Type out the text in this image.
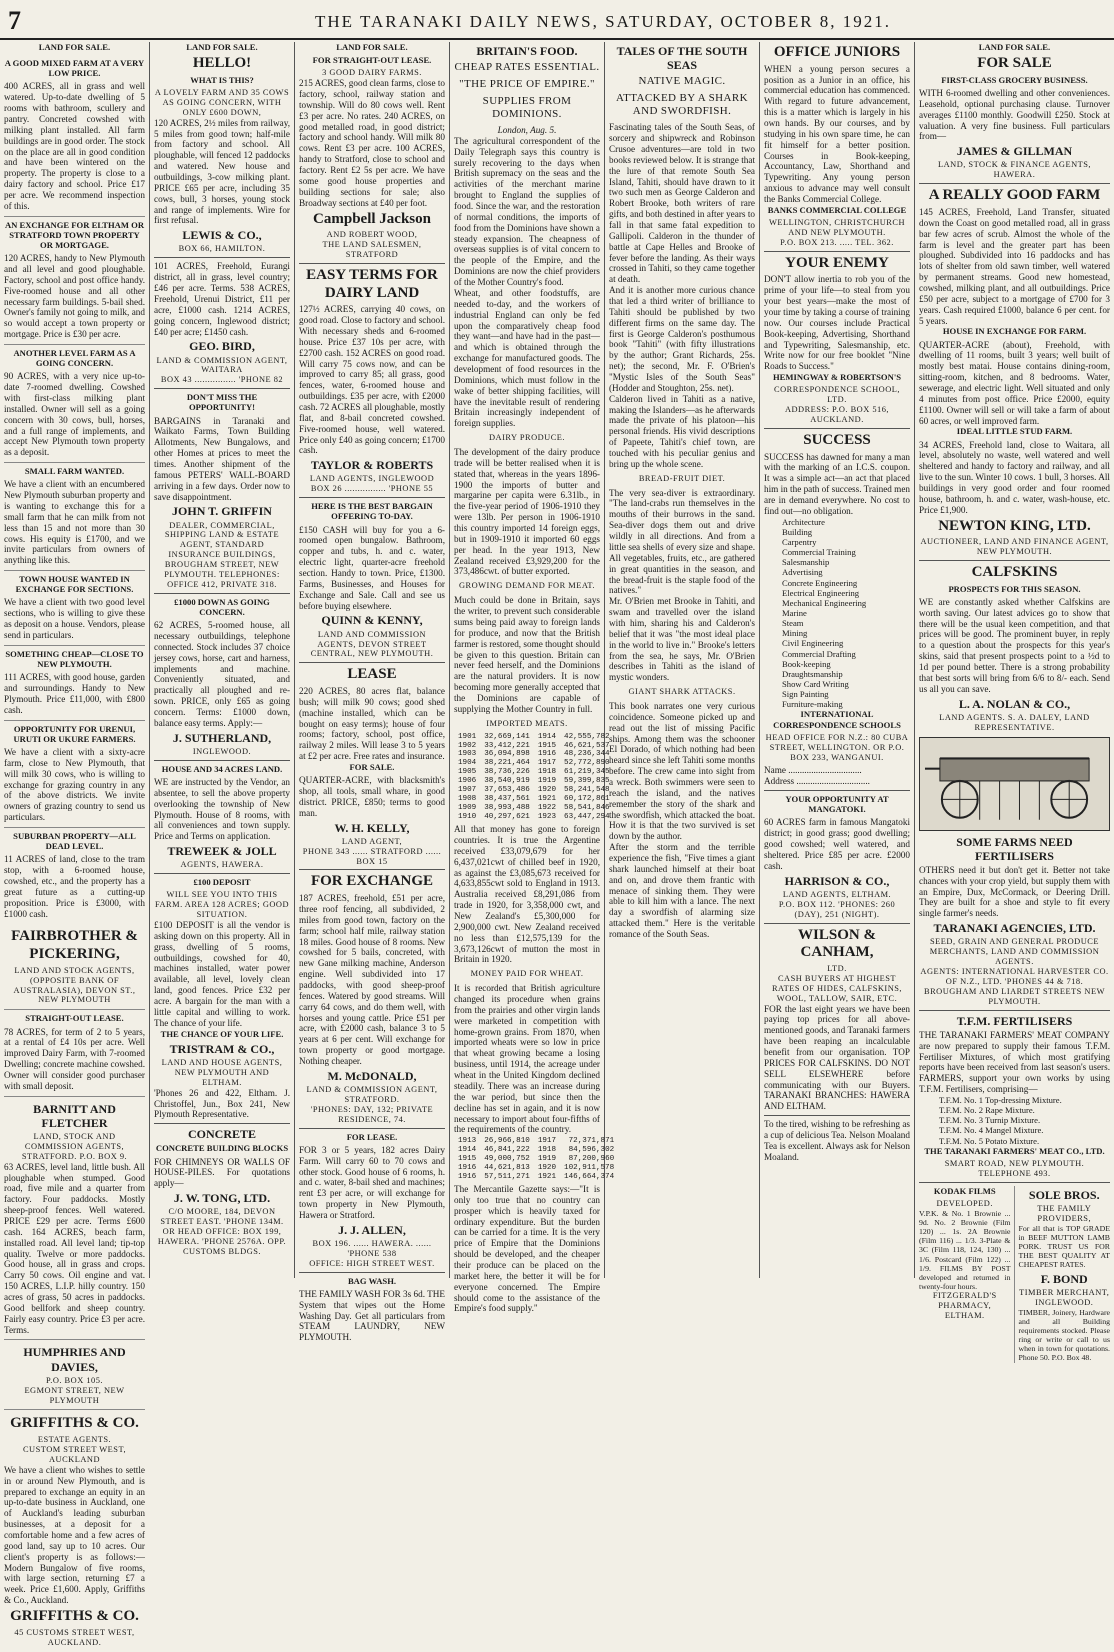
7	THE TARANAKI DAILY NEWS, SATURDAY, OCTOBER 8, 1921.
LAND FOR SALE.
A GOOD MIXED FARM AT A VERY LOW PRICE.

400 ACRES, all in grass and well watered. Up-to-date dwelling of 5 rooms with bathroom, scullery and pantry. Concreted cowshed with milking plant installed. All farm buildings are in good order. The stock on the place are all in good condition and have been wintered on the property. The property is close to a dairy factory and school. Price £17 per acre. We recommend inspection of this.

AN EXCHANGE FOR ELTHAM OR STRATFORD TOWN PROPERTY OR MORTGAGE.

120 ACRES, handy to New Plymouth and all level and good ploughable. Factory, school and post office handy. Five-roomed house and all other necessary farm buildings. 5-bail shed. Owner's family not going to milk, and so would accept a town property or mortgage. Price is £30 per acre.

ANOTHER LEVEL FARM AS A GOING CONCERN.

90 ACRES, with a very nice up-to-date 7-roomed dwelling. Cowshed with first-class milking plant installed. Owner will sell as a going concern with 30 cows, bull, horses, and a full range of implements, and accept New Plymouth town property as a deposit.

SMALL FARM WANTED.

We have a client with an encumbered New Plymouth suburban property and is wanting to exchange this for a small farm that he can milk from not less than 15 and not more than 30 cows. His equity is £1700, and we invite particulars from owners of anything like this.

TOWN HOUSE WANTED IN EXCHANGE FOR SECTIONS.

We have a client with two good level sections, who is willing to give these as deposit on a house. Vendors, please send in particulars.

SOMETHING CHEAP—CLOSE TO NEW PLYMOUTH.

111 ACRES, with good house, garden and surroundings. Handy to New Plymouth. Price £11,000, with £800 cash.

OPPORTUNITY FOR URENUI, URUTI OR UKURE FARMERS.

We have a client with a sixty-acre farm, close to New Plymouth, that will milk 30 cows, who is willing to exchange for grazing country in any of the above districts. We invite owners of grazing country to send us particulars.

SUBURBAN PROPERTY—ALL DEAD LEVEL.

11 ACRES of land, close to the tram stop, with a 6-roomed house, cowshed, etc., and the property has a great future as a cutting-up proposition. Price is £3000, with £1000 cash.

FAIRBROTHER & PICKERING,
LAND AND STOCK AGENTS,
(OPPOSITE BANK OF AUSTRALASIA), DEVON ST., NEW PLYMOUTH
STRAIGHT-OUT LEASE.

78 ACRES, for term of 2 to 5 years, at a rental of £4 10s per acre. Well improved Dairy Farm, with 7-roomed Dwelling; concrete machine cowshed. Owner will consider good purchaser with small deposit.

BARNITT AND FLETCHER
LAND, STOCK AND COMMISSION AGENTS,
STRATFORD. P.O. BOX 9.

63 ACRES, level land, little bush. All ploughable when stumped. Good road, five mile and a quarter from factory. Four paddocks. Mostly sheep-proof fences. Well watered. PRICE £29 per acre. Terms £600 cash. 164 ACRES, beach farm, installed road. All level land; tip-top quality. Twelve or more paddocks. Good house, all in grass and crops. Carry 50 cows. Oil engine and vat. 150 ACRES, L.I.P. hilly country. 150 acres of grass, 50 acres in paddocks. Good bellfork and sheep country. Fairly easy country. Price £3 per acre. Terms.

HUMPHRIES AND DAVIES,
P.O. BOX 105.
EGMONT STREET, NEW PLYMOUTH
GRIFFITHS & CO.
ESTATE AGENTS.
CUSTOM STREET WEST, AUCKLAND

We have a client who wishes to settle in or around New Plymouth, and is prepared to exchange an equity in an up-to-date business in Auckland, one of Auckland's leading suburban businesses, at a deposit for a comfortable home and a few acres of good land, say up to 10 acres. Our client's property is as follows:— Modern Bungalow of five rooms, with large section, returning £7 a week. Price £1,600. Apply, Griffiths & Co., Auckland.

GRIFFITHS & CO.
45 CUSTOMS STREET WEST, AUCKLAND.
LAND FOR SALE.
HELLO!
WHAT IS THIS?
A LOVELY FARM AND 35 COWS AS GOING CONCERN, WITH ONLY £600 DOWN,

120 ACRES, 2½ miles from railway, 5 miles from good town; half-mile from factory and school. All ploughable, will fenced 12 paddocks and watered. New house and outbuildings, 3-cow milking plant. PRICE £65 per acre, including 35 cows, bull, 3 horses, young stock and range of implements. Wire for first refusal.

LEWIS & CO.,
BOX 66, HAMILTON.

101 ACRES, Freehold, Eurangi district, all in grass, level country; £46 per acre. Terms. 538 ACRES, Freehold, Urenui District, £11 per acre, £1000 cash. 1214 ACRES, going concern, Inglewood district; £40 per acre; £1450 cash.

GEO. BIRD,
LAND & COMMISSION AGENT, WAITARA
BOX 43 ................ 'PHONE 82
DON'T MISS THE OPPORTUNITY!

BARGAINS in Taranaki and Waikato Farms, Town Building Allotments, New Bungalows, and other Homes at prices to meet the times. Another shipment of the famous PETERS' WALL-BOARD arriving in a few days. Order now to save disappointment.

JOHN T. GRIFFIN
DEALER, COMMERCIAL, SHIPPING LAND & ESTATE AGENT, STANDARD INSURANCE BUILDINGS, BROUGHAM STREET, NEW PLYMOUTH. TELEPHONES: OFFICE 412, PRIVATE 318.
£1000 DOWN AS GOING CONCERN.

62 ACRES, 5-roomed house, all necessary outbuildings, telephone connected. Stock includes 37 choice jersey cows, horse, cart and harness, implements and machine. Conveniently situated, and practically all ploughed and re-sown. PRICE, only £65 as going concern. Terms: £1000 down, balance easy terms. Apply:—

J. SUTHERLAND,
INGLEWOOD.
HOUSE AND 34 ACRES LAND.

WE are instructed by the Vendor, an absentee, to sell the above property overlooking the township of New Plymouth. House of 8 rooms, with all conveniences and town supply. Price and Terms on application.

TREWEEK & JOLL
AGENTS, HAWERA.
£100 DEPOSIT
WILL SEE YOU INTO THIS FARM. AREA 128 ACRES; GOOD SITUATION.

£100 DEPOSIT is all the vendor is asking down on this property. All in grass, dwelling of 5 rooms, outbuildings, cowshed for 40, machines installed, water power available, all level, lovely clean land, good fences. Price £32 per acre. A bargain for the man with a little capital and willing to work. The chance of your life.

THE CHANCE OF YOUR LIFE.
TRISTRAM & CO.,
LAND AND HOUSE AGENTS, NEW PLYMOUTH AND ELTHAM.

'Phones 26 and 422, Eltham. J. Christoffel, Jun., Box 241, New Plymouth Representative.

CONCRETE
CONCRETE BUILDING BLOCKS

FOR CHIMNEYS OR WALLS OF HOUSE-PILES. For quotations apply—

J. W. TONG, LTD.
C/O MOORE, 184, DEVON STREET EAST. 'PHONE 134M. OR HEAD OFFICE: BOX 199, HAWERA. 'PHONE 2576A. OPP. CUSTOMS BLDGS.
LAND FOR SALE.
FOR STRAIGHT-OUT LEASE.
3 GOOD DAIRY FARMS.

215 ACRES, good clean farms, close to factory, school, railway station and township. Will do 80 cows well. Rent £3 per acre. No rates. 240 ACRES, on good metalled road, in good district; factory and school handy. Will milk 80 cows. Rent £3 per acre. 100 ACRES, handy to Stratford, close to school and factory. Rent £2 5s per acre. We have some good house properties and building sections for sale; also Broadway sections at £40 per foot.

Campbell Jackson
AND ROBERT WOOD,
THE LAND SALESMEN, STRATFORD
EASY TERMS FOR DAIRY LAND

127½ ACRES, carrying 40 cows, on good road. Close to factory and school. With necessary sheds and 6-roomed house. Price £37 10s per acre, with £2700 cash. 152 ACRES on good road. Will carry 75 cows now, and can be improved to carry 85; all grass, good fences, water, 6-roomed house and outbuildings. £35 per acre, with £2000 cash. 72 ACRES all ploughable, mostly flat, and 8-bail concreted cowshed. Five-roomed house, well watered. Price only £40 as going concern; £1700 cash.

TAYLOR & ROBERTS
LAND AGENTS, INGLEWOOD
BOX 26 ................ 'PHONE 55
HERE IS THE BEST BARGAIN OFFERING TO-DAY.

£150 CASH will buy for you a 6-roomed open bungalow. Bathroom, copper and tubs, h. and c. water, electric light, quarter-acre freehold section. Handy to town. Price, £1300. Farms, Businesses, and Houses for Exchange and Sale. Call and see us before buying elsewhere.

QUINN & KENNY,
LAND AND COMMISSION AGENTS, DEVON STREET CENTRAL, NEW PLYMOUTH.
LEASE

220 ACRES, 80 acres flat, balance bush; will milk 90 cows; good shed (machine installed, which can be bought on easy terms); house of four rooms; factory, school, post office, railway 2 miles. Will lease 3 to 5 years at £2 per acre. Free rates and insurance.

FOR SALE.

QUARTER-ACRE, with blacksmith's shop, all tools, small whare, in good district. PRICE, £850; terms to good man.

W. H. KELLY,
LAND AGENT,
PHONE 343 ...... STRATFORD ...... BOX 15
FOR EXCHANGE

187 ACRES, freehold, £51 per acre, three roof fencing, all subdivided, 2 miles from good town, factory on the farm; school half mile, railway station 18 miles. Good house of 8 rooms. New cowshed for 5 bails, concreted, with new Gane milking machine, Anderson engine. Well subdivided into 17 paddocks, with good sheep-proof fences. Watered by good streams. Will carry 64 cows, and do them well, with horses and young cattle. Price £51 per acre, with £2000 cash, balance 3 to 5 years at 6 per cent. Will exchange for town property or good mortgage. Nothing cheaper.

M. McDONALD,
LAND & COMMISSION AGENT, STRATFORD.
'PHONES: DAY, 132; PRIVATE RESIDENCE, 74.
FOR LEASE.

FOR 3 or 5 years, 182 acres Dairy Farm. Will carry 60 to 70 cows and other stock. Good house of 6 rooms, h. and c. water, 8-bail shed and machines; rent £3 per acre, or will exchange for town property in New Plymouth, Hawera or Stratford.

J. J. ALLEN,
BOX 196. ...... HAWERA. ...... 'PHONE 538
OFFICE: HIGH STREET WEST.
BAG WASH.

THE FAMILY WASH FOR 3s 6d. THE System that wipes out the Home Washing Day. Get all particulars from STEAM LAUNDRY, NEW PLYMOUTH.

BRITAIN'S FOOD.
CHEAP RATES ESSENTIAL.
"THE PRICE OF EMPIRE."
SUPPLIES FROM DOMINIONS.
London, Aug. 5.

The agricultural correspondent of the Daily Telegraph says this country is surely recovering to the days when British supremacy on the seas and the activities of the merchant marine brought to England the supplies of food. Since the war, and the restoration of normal conditions, the imports of food from the Dominions have shown a steady expansion. The cheapness of overseas supplies is of vital concern to the people of the Empire, and the Dominions are now the chief providers of the Mother Country's food.

Wheat, and other foodstuffs, are needed to-day, and the workers of industrial England can only be fed upon the comparatively cheap food they want—and have had in the past—and which is obtained through the exchange for manufactured goods. The development of food resources in the Dominions, which must follow in the wake of better shipping facilities, will have the inevitable result of rendering Britain increasingly independent of foreign supplies.

DAIRY PRODUCE.

The development of the dairy produce trade will be better realised when it is stated that, whereas in the years 1896-1900 the imports of butter and margarine per capita were 6.31lb., in the five-year period of 1906-1910 they were 13lb. Per person in 1906-1910 this country imported 14 foreign eggs, but in 1909-1910 it imported 60 eggs per head. In the year 1913, New Zealand received £3,929,200 for the 373,486cwt. of butter exported.

GROWING DEMAND FOR MEAT.

Much could be done in Britain, says the writer, to prevent such considerable sums being paid away to foreign lands for produce, and now that the British farmer is restored, some thought should be given to this question. Britain can never feed herself, and the Dominions are the natural providers. It is now becoming more generally accepted that the Dominions are capable of supplying the Mother Country in full.

IMPORTED MEATS.
1901	32,669,141	1914	42,555,782
1902	33,412,221	1915	46,621,537
1903	36,094,898	1916	48,236,344
1904	38,221,464	1917	52,772,890
1905	38,736,226	1918	61,219,345
1906	38,540,919	1919	59,399,835
1907	37,653,486	1920	58,241,548
1908	38,437,561	1921	60,172,861
1909	38,993,488	1922	58,541,846
1910	40,297,621	1923	63,447,294

All that money has gone to foreign countries. It is true the Argentine received £33,079,679 for her 6,437,021cwt of chilled beef in 1920, as against the £3,085,673 received for 4,633,855cwt sold to England in 1913. Australia received £8,291,086 from trade in 1920, for 3,358,000 cwt, and New Zealand's £5,300,000 for 2,900,000 cwt. New Zealand received no less than £12,575,139 for the 3,673,126cwt of mutton the most in Britain in 1920.

MONEY PAID FOR WHEAT.

It is recorded that British agriculture changed its procedure when grains from the prairies and other virgin lands were marketed in competition with home-grown grains. From 1870, when imported wheats were so low in price that wheat growing became a losing business, until 1914, the acreage under wheat in the United Kingdom declined steadily. There was an increase during the war period, but since then the decline has set in again, and it is now necessary to import about four-fifths of the requirements of the country.

1913	26,966,810	1917	72,371,871
1914	46,841,222	1918	84,596,302
1915	49,000,752	1919	87,200,960
1916	44,621,813	1920	102,911,578
1916	57,511,271	1921	146,664,374

The Mercantile Gazette says:—"It is only too true that no country can prosper which is heavily taxed for ordinary expenditure. But the burden can be carried for a time. It is the very price of Empire that the Dominions should be developed, and the cheaper their produce can be placed on the market here, the better it will be for everyone concerned. The Empire should come to the assistance of the Empire's food supply."

TALES OF THE SOUTH SEAS
NATIVE MAGIC.
ATTACKED BY A SHARK AND SWORDFISH.

Fascinating tales of the South Seas, of sorcery and shipwreck and Robinson Crusoe adventures—are told in two books reviewed below. It is strange that the lure of that remote South Sea Island, Tahiti, should have drawn to it two such men as George Calderon and Robert Brooke, both writers of rare gifts, and both destined in after years to fall in that same fatal expedition to Gallipoli. Calderon in the thunder of battle at Cape Helles and Brooke of fever before the landing. As their ways crossed in Tahiti, so they came together at death.

And it is another more curious chance that led a third writer of brilliance to Tahiti should be published by two different firms on the same day. The first is George Calderon's posthumous book "Tahiti" (with fifty illustrations by the author; Grant Richards, 25s. net); the second, Mr. F. O'Brien's "Mystic Isles of the South Seas" (Hodder and Stoughton, 25s. net).

Calderon lived in Tahiti as a native, making the Islanders—as he afterwards made the private of his platoon—his personal friends. His vivid descriptions of Papeete, Tahiti's chief town, are touched with his peculiar genius and bring up the whole scene.

BREAD-FRUIT DIET.

The very sea-diver is extraordinary. "The land-crabs run themselves in the mouths of their burrows in the sand. Sea-diver dogs them out and drive wildly in all directions. And from a little sea shells of every size and shape. All vegetables, fruits, etc., are gathered in great quantities in the season, and the bread-fruit is the staple food of the natives."

Mr. O'Brien met Brooke in Tahiti, and swam and travelled over the island with him, sharing his and Calderon's belief that it was "the most ideal place in the world to live in." Brooke's letters from the sea, he says, Mr. O'Brien describes in Tahiti as the island of mystic wonders.

GIANT SHARK ATTACKS.

This book narrates one very curious coincidence. Someone picked up and read out the list of missing Pacific ships. Among them was the schooner El Dorado, of which nothing had been heard since she left Tahiti some months before. The crew came into sight from a wreck. Both swimmers were seen to reach the island, and the natives remember the story of the shark and the swordfish, which attacked the boat. How it is that the two survived is set down by the author.

After the storm and the terrible experience the fish, "Five times a giant shark launched himself at their boat and on, and drove them frantic with menace of sinking them. They were able to kill him with a lance. The next day a swordfish of alarming size attacked them." Here is the veritable romance of the South Seas.

OFFICE JUNIORS

WHEN a young person secures a position as a Junior in an office, his commercial education has commenced. With regard to future advancement, this is a matter which is largely in his own hands. By our courses, and by studying in his own spare time, he can fit himself for a better position. Courses in Book-keeping, Accountancy, Law, Shorthand and Typewriting. Any young person anxious to advance may well consult the Banks Commercial College.

BANKS COMMERCIAL COLLEGE
WELLINGTON, CHRISTCHURCH AND NEW PLYMOUTH.
P.O. BOX 213. ..... TEL. 362.
YOUR ENEMY

DON'T allow inertia to rob you of the prime of your life—to steal from you your best years—make the most of your time by taking a course of training now. Our courses include Practical Book-keeping, Advertising, Shorthand and Typewriting, Salesmanship, etc. Write now for our free booklet "Nine Roads to Success."

HEMINGWAY & ROBERTSON'S
CORRESPONDENCE SCHOOL, LTD.
ADDRESS: P.O. BOX 516, AUCKLAND.
SUCCESS

SUCCESS has dawned for many a man with the marking of an I.C.S. coupon. It was a simple act—an act that placed him in the path of success. Trained men are in demand everywhere. No cost to find out—no obligation.

Architecture
Building
Carpentry
Commercial Training
Salesmanship
Advertising
Concrete Engineering
Electrical Engineering
Mechanical Engineering
Marine
Steam
Mining
Civil Engineering
Commercial Drafting
Book-keeping
Draughtsmanship
Show Card Writing
Sign Painting
Furniture-making
INTERNATIONAL CORRESPONDENCE SCHOOLS
HEAD OFFICE FOR N.Z.: 80 CUBA STREET, WELLINGTON. OR P.O. BOX 233, WANGANUI.
Name ................................
Address ................................
YOUR OPPORTUNITY AT MANGATOKI.

60 ACRES farm in famous Mangatoki district; in good grass; good dwelling; good cowshed; well watered, and sheltered. Price £85 per acre. £2000 cash.

HARRISON & CO.,
LAND AGENTS, ELTHAM.
P.O. BOX 112. 'PHONES: 260 (DAY), 251 (NIGHT).
WILSON & CANHAM,
LTD.
CASH BUYERS AT HIGHEST RATES OF HIDES, CALFSKINS, WOOL, TALLOW, SAIR, ETC.

FOR the last eight years we have been paying top prices for all above-mentioned goods, and Taranaki farmers have been reaping an incalculable benefit from our organisation. TOP PRICES FOR CALFSKINS. DO NOT SELL ELSEWHERE before communicating with our Buyers. TARANAKI BRANCHES: HAWERA AND ELTHAM.

To the tired, wishing to be refreshing as a cup of delicious Tea. Nelson Moaland Tea is excellent. Always ask for Nelson Moaland.

LAND FOR SALE.
FOR SALE
FIRST-CLASS GROCERY BUSINESS.

WITH 6-roomed dwelling and other conveniences. Leasehold, optional purchasing clause. Turnover averages £1100 monthly. Goodwill £250. Stock at valuation. A very fine business. Full particulars from—

JAMES & GILLMAN
LAND, STOCK & FINANCE AGENTS, HAWERA.
A REALLY GOOD FARM

145 ACRES, Freehold, Land Transfer, situated down the Coast on good metalled road, all in grass bar few acres of scrub. Almost the whole of the farm is level and the greater part has been ploughed. Subdivided into 16 paddocks and has lots of shelter from old sawn timber, well watered by permanent streams. Good new homestead, cowshed, milking plant, and all outbuildings. Price £50 per acre, subject to a mortgage of £700 for 3 years. Cash required £1000, balance 6 per cent. for 5 years.

HOUSE IN EXCHANGE FOR FARM.

QUARTER-ACRE (about), Freehold, with dwelling of 11 rooms, built 3 years; well built of mostly best matai. House contains dining-room, sitting-room, kitchen, and 8 bedrooms. Water, sewerage, and electric light. Well situated and only 4 minutes from post office. Price £2000, equity £1100. Owner will sell or will take a farm of about 60 acres, or well improved farm.

IDEAL LITTLE STUD FARM.

34 ACRES, Freehold land, close to Waitara, all level, absolutely no waste, well watered and well sheltered and handy to factory and railway, and all live to the sun. Winter 10 cows. 1 bull, 3 horses. All buildings in very good order and four roomed house, bathroom, h. and c. water, wash-house, etc. Price £1,900.

NEWTON KING, LTD.
AUCTIONEER, LAND AND FINANCE AGENT, NEW PLYMOUTH.
CALFSKINS
PROSPECTS FOR THIS SEASON.

WE are constantly asked whether Calfskins are worth saving. Our latest advices go to show that there will be the usual keen competition, and that prices will be good. The prominent buyer, in reply to a question about the prospects for this year's skins, said that present prospects point to a ½d to 1d per pound better. There is a strong probability that best sorts will bring from 6/6 to 8/- each. Send us all you can save.

L. A. NOLAN & CO.,
LAND AGENTS. S. A. DALEY, LAND REPRESENTATIVE.
SOME FARMS NEED FERTILISERS

OTHERS need it but don't get it. Better not take chances with your crop yield, but supply them with an Empire, Dux, McCormack, or Deering Drill. They are built for a shoe and style to fit every single farmer's needs.

TARANAKI AGENCIES, LTD.
SEED, GRAIN AND GENERAL PRODUCE MERCHANTS, LAND AND COMMISSION AGENTS.
AGENTS: INTERNATIONAL HARVESTER CO. OF N.Z., LTD. 'PHONES 44 & 718. BROUGHAM AND LIARDET STREETS NEW PLYMOUTH.
T.F.M. FERTILISERS

THE TARANAKI FARMERS' MEAT COMPANY are now prepared to supply their famous T.F.M. Fertiliser Mixtures, of which most gratifying reports have been received from last season's users. FARMERS, support your own works by using T.F.M. Fertilisers, comprising—

T.F.M. No. 1 Top-dressing Mixture.
T.F.M. No. 2 Rape Mixture.
T.F.M. No. 3 Turnip Mixture.
T.F.M. No. 4 Mangel Mixture.
T.F.M. No. 5 Potato Mixture.
THE TARANAKI FARMERS' MEAT CO., LTD.
SMART ROAD, NEW PLYMOUTH. TELEPHONE 493.
KODAK FILMS
DEVELOPED.

V.P.K. & No. 1 Brownie ... 9d. No. 2 Brownie (Film 120) ... 1s. 2A Brownie (Film 116) ... 1/3. 3-Plate & 3C (Film 118, 124, 130) ... 1/6. Postcard (Film 122) ... 1/9. FILMS BY POST developed and returned in twenty-four hours.

FITZGERALD'S PHARMACY, ELTHAM.
SOLE BROS.
THE FAMILY PROVIDERS,

For all that is TOP GRADE in BEEF MUTTON LAMB PORK. TRUST US FOR THE BEST QUALITY AT CHEAPEST RATES.

F. BOND
TIMBER MERCHANT, INGLEWOOD.

TIMBER, Joinery, Hardware and all Building requirements stocked. Please ring or write or call to us when in town for quotations. Phone 50. P.O. Box 48.
